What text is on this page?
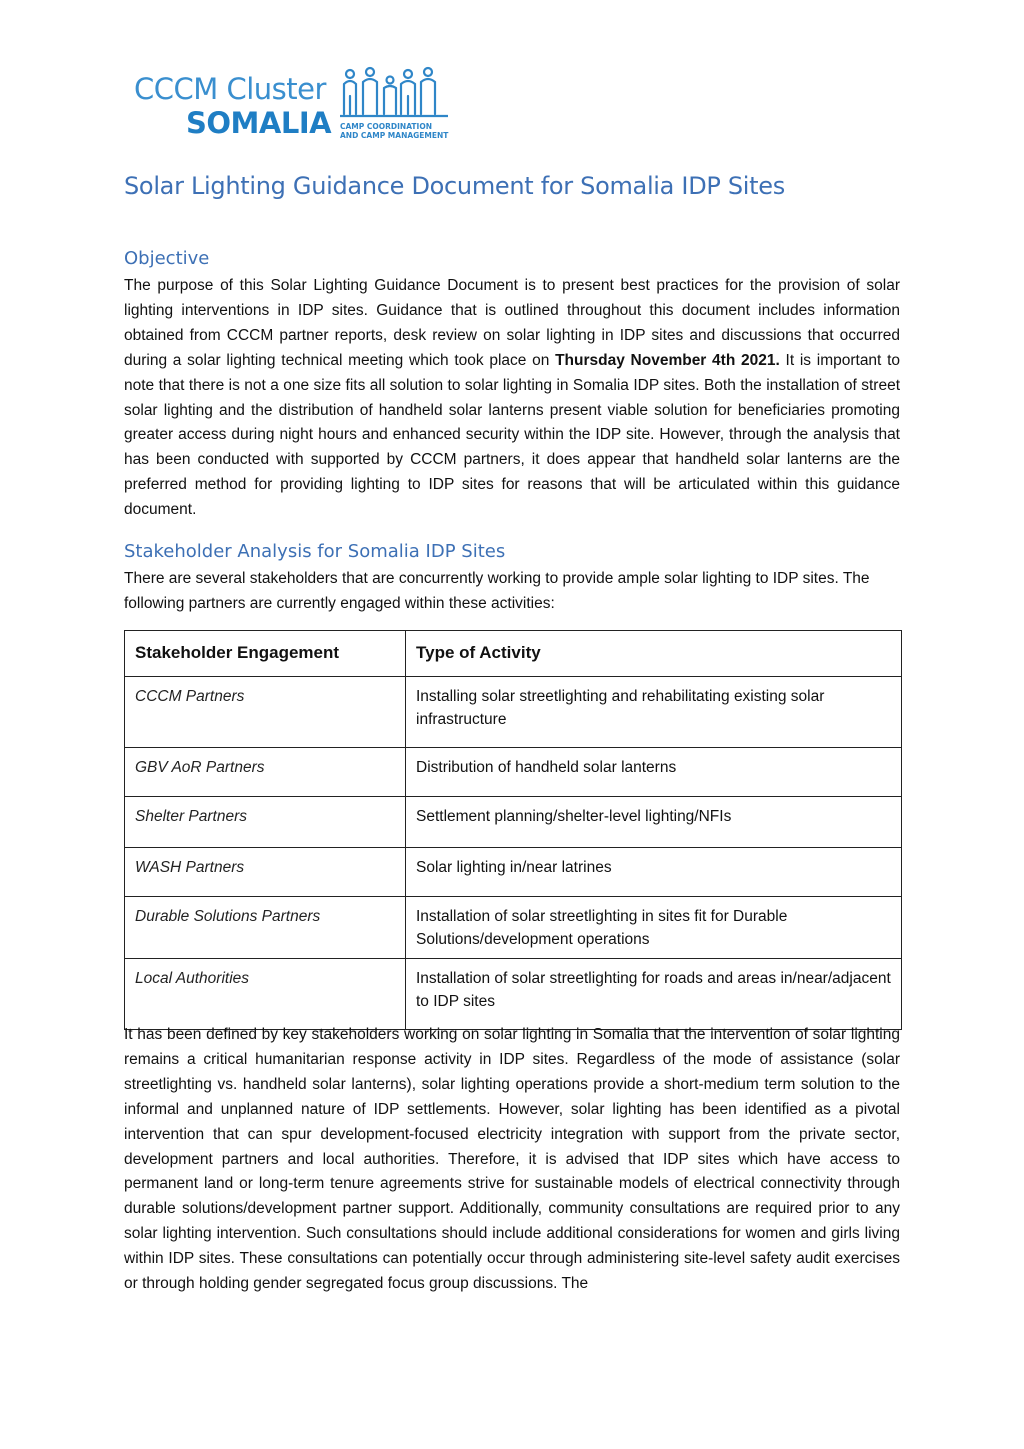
CCCM Cluster
SOMALIA CAMP COORDINATION
AND CAMP MANAGEMENT
Solar Lighting Guidance Document for Somalia IDP Sites
Objective
The purpose of this Solar Lighting Guidance Document is to present best practices for the provision of solar lighting interventions in IDP sites. Guidance that is outlined throughout this document includes information obtained from CCCM partner reports, desk review on solar lighting in IDP sites and discussions that occurred during a solar lighting technical meeting which took place on Thursday November 4th 2021. It is important to note that there is not a one size fits all solution to solar lighting in Somalia IDP sites. Both the installation of street solar lighting and the distribution of handheld solar lanterns present viable solution for beneficiaries promoting greater access during night hours and enhanced security within the IDP site. However, through the analysis that has been conducted with supported by CCCM partners, it does appear that handheld solar lanterns are the preferred method for providing lighting to IDP sites for reasons that will be articulated within this guidance document.
Stakeholder Analysis for Somalia IDP Sites
There are several stakeholders that are concurrently working to provide ample solar lighting to IDP sites. The following partners are currently engaged within these activities:
Stakeholder Engagement	Type of Activity
CCCM Partners	Installing solar streetlighting and rehabilitating existing solar infrastructure
GBV AoR Partners	Distribution of handheld solar lanterns
Shelter Partners	Settlement planning/shelter-level lighting/NFIs
WASH Partners	Solar lighting in/near latrines
Durable Solutions Partners	Installation of solar streetlighting in sites fit for Durable Solutions/development operations
Local Authorities	Installation of solar streetlighting for roads and areas in/near/adjacent to IDP sites
It has been defined by key stakeholders working on solar lighting in Somalia that the intervention of solar lighting remains a critical humanitarian response activity in IDP sites. Regardless of the mode of assistance (solar streetlighting vs. handheld solar lanterns), solar lighting operations provide a short-medium term solution to the informal and unplanned nature of IDP settlements. However, solar lighting has been identified as a pivotal intervention that can spur development-focused electricity integration with support from the private sector, development partners and local authorities. Therefore, it is advised that IDP sites which have access to permanent land or long-term tenure agreements strive for sustainable models of electrical connectivity through durable solutions/development partner support. Additionally, community consultations are required prior to any solar lighting intervention. Such consultations should include additional considerations for women and girls living within IDP sites. These consultations can potentially occur through administering site-level safety audit exercises or through holding gender segregated focus group discussions. The
